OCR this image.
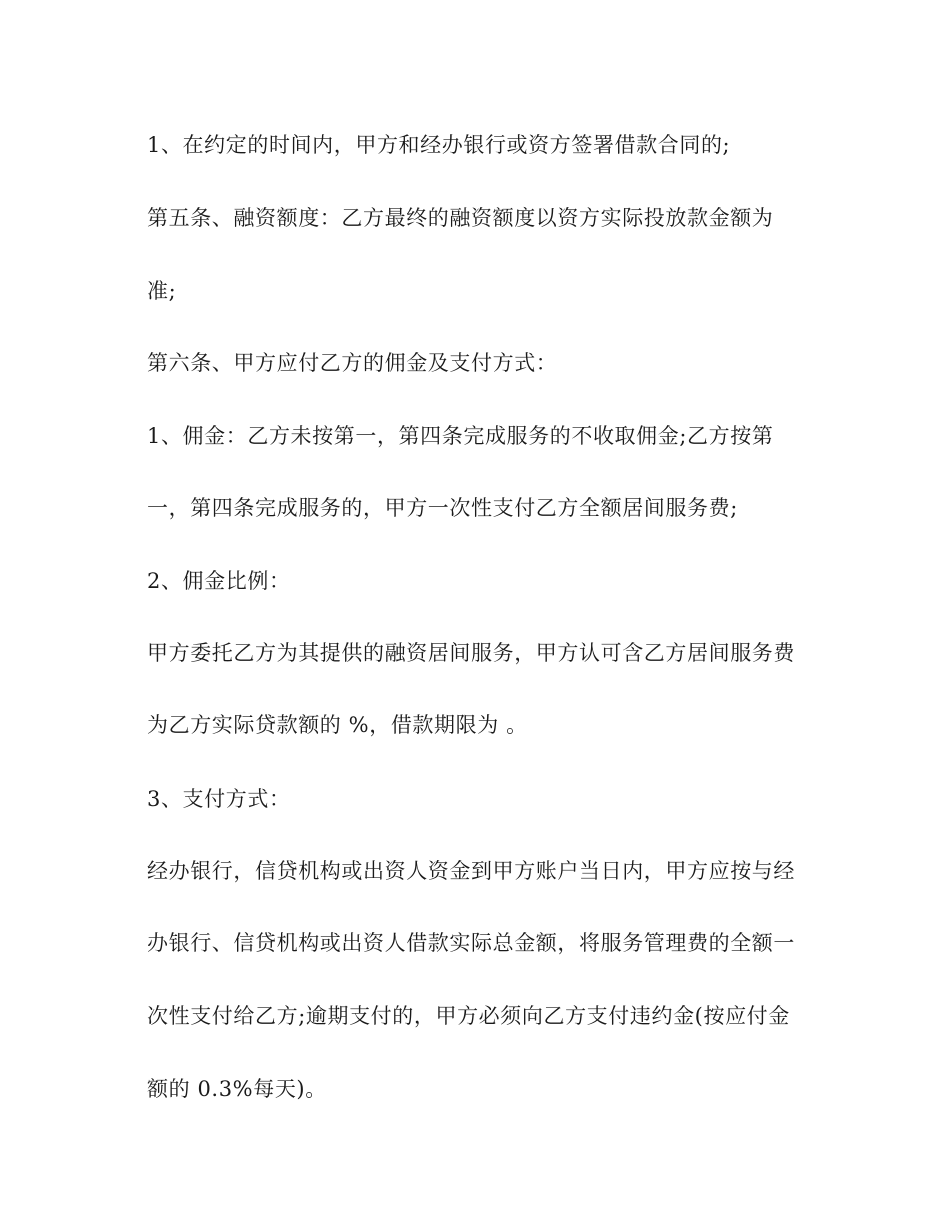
1、在约定的时间内，甲方和经办银行或资方签署借款合同的;
第五条、融资额度：乙方最终的融资额度以资方实际投放款金额为
准;
第六条、甲方应付乙方的佣金及支付方式：
1、佣金：乙方未按第一，第四条完成服务的不收取佣金;乙方按第
一，第四条完成服务的，甲方一次性支付乙方全额居间服务费;
2、佣金比例：
甲方委托乙方为其提供的融资居间服务，甲方认可含乙方居间服务费
为乙方实际贷款额的 %，借款期限为 。
3、支付方式：
经办银行，信贷机构或出资人资金到甲方账户当日内，甲方应按与经
办银行、信贷机构或出资人借款实际总金额，将服务管理费的全额一
次性支付给乙方;逾期支付的，甲方必须向乙方支付违约金(按应付金
额的 0.3%每天)。
